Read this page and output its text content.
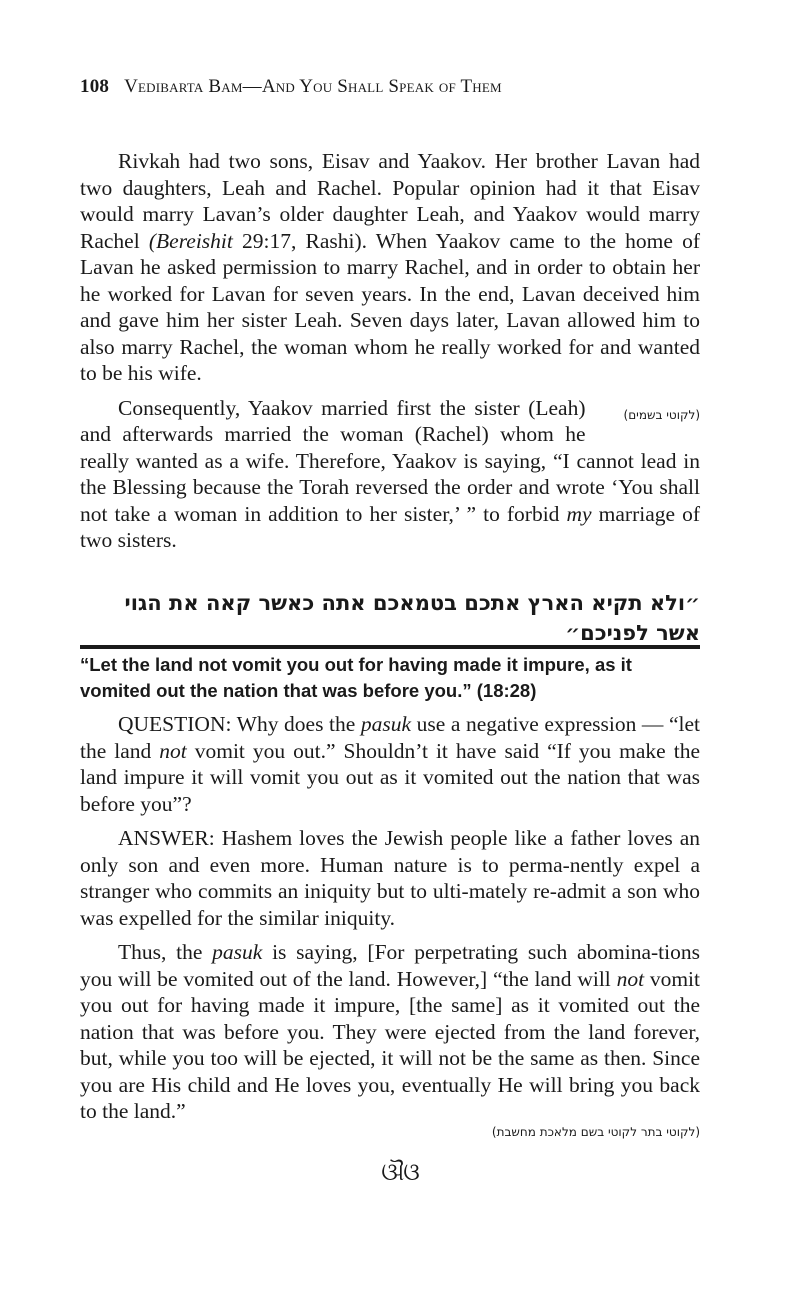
108 Vedibarta Bam—And You Shall Speak of Them

Rivkah had two sons, Eisav and Yaakov. Her brother Lavan had two daughters, Leah and Rachel. Popular opinion had it that Eisav would marry Lavan’s older daughter Leah, and Yaakov would marry Rachel (Bereishit 29:17, Rashi). When Yaakov came to the home of Lavan he asked permission to marry Rachel, and in order to obtain her he worked for Lavan for seven years. In the end, Lavan deceived him and gave him her sister Leah. Seven days later, Lavan allowed him to also marry Rachel, the woman whom he really worked for and wanted to be his wife.

(לקוטי בשמים)
Consequently, Yaakov married first the sister (Leah) and afterwards married the woman (Rachel) whom he really wanted as a wife. Therefore, Yaakov is saying, “I cannot lead in the Blessing because the Torah reversed the order and wrote ‘You shall not take a woman in addition to her sister,’ ” to forbid my marriage of two sisters.

״ולא תקיא הארץ אתכם בטמאכם אתה כאשר קאה את הגוי אשר לפניכם״
“Let the land not vomit you out for having made it impure, as it vomited out the nation that was before you.” (18:28)

QUESTION: Why does the pasuk use a negative expression — “let the land not vomit you out.” Shouldn’t it have said “If you make the land impure it will vomit you out as it vomited out the nation that was before you”?

ANSWER: Hashem loves the Jewish people like a father loves an only son and even more. Human nature is to perma-nently expel a stranger who commits an iniquity but to ulti-mately re-admit a son who was expelled for the similar iniquity.

Thus, the pasuk is saying, [For perpetrating such abomina-tions you will be vomited out of the land. However,] “the land will not vomit you out for having made it impure, [the same] as it vomited out the nation that was before you. They were ejected from the land forever, but, while you too will be ejected, it will not be the same as then. Since you are His child and He loves you, eventually He will bring you back to the land.”

(לקוטי בתר לקוטי בשם מלאכת מחשבת)
ଔଓ
